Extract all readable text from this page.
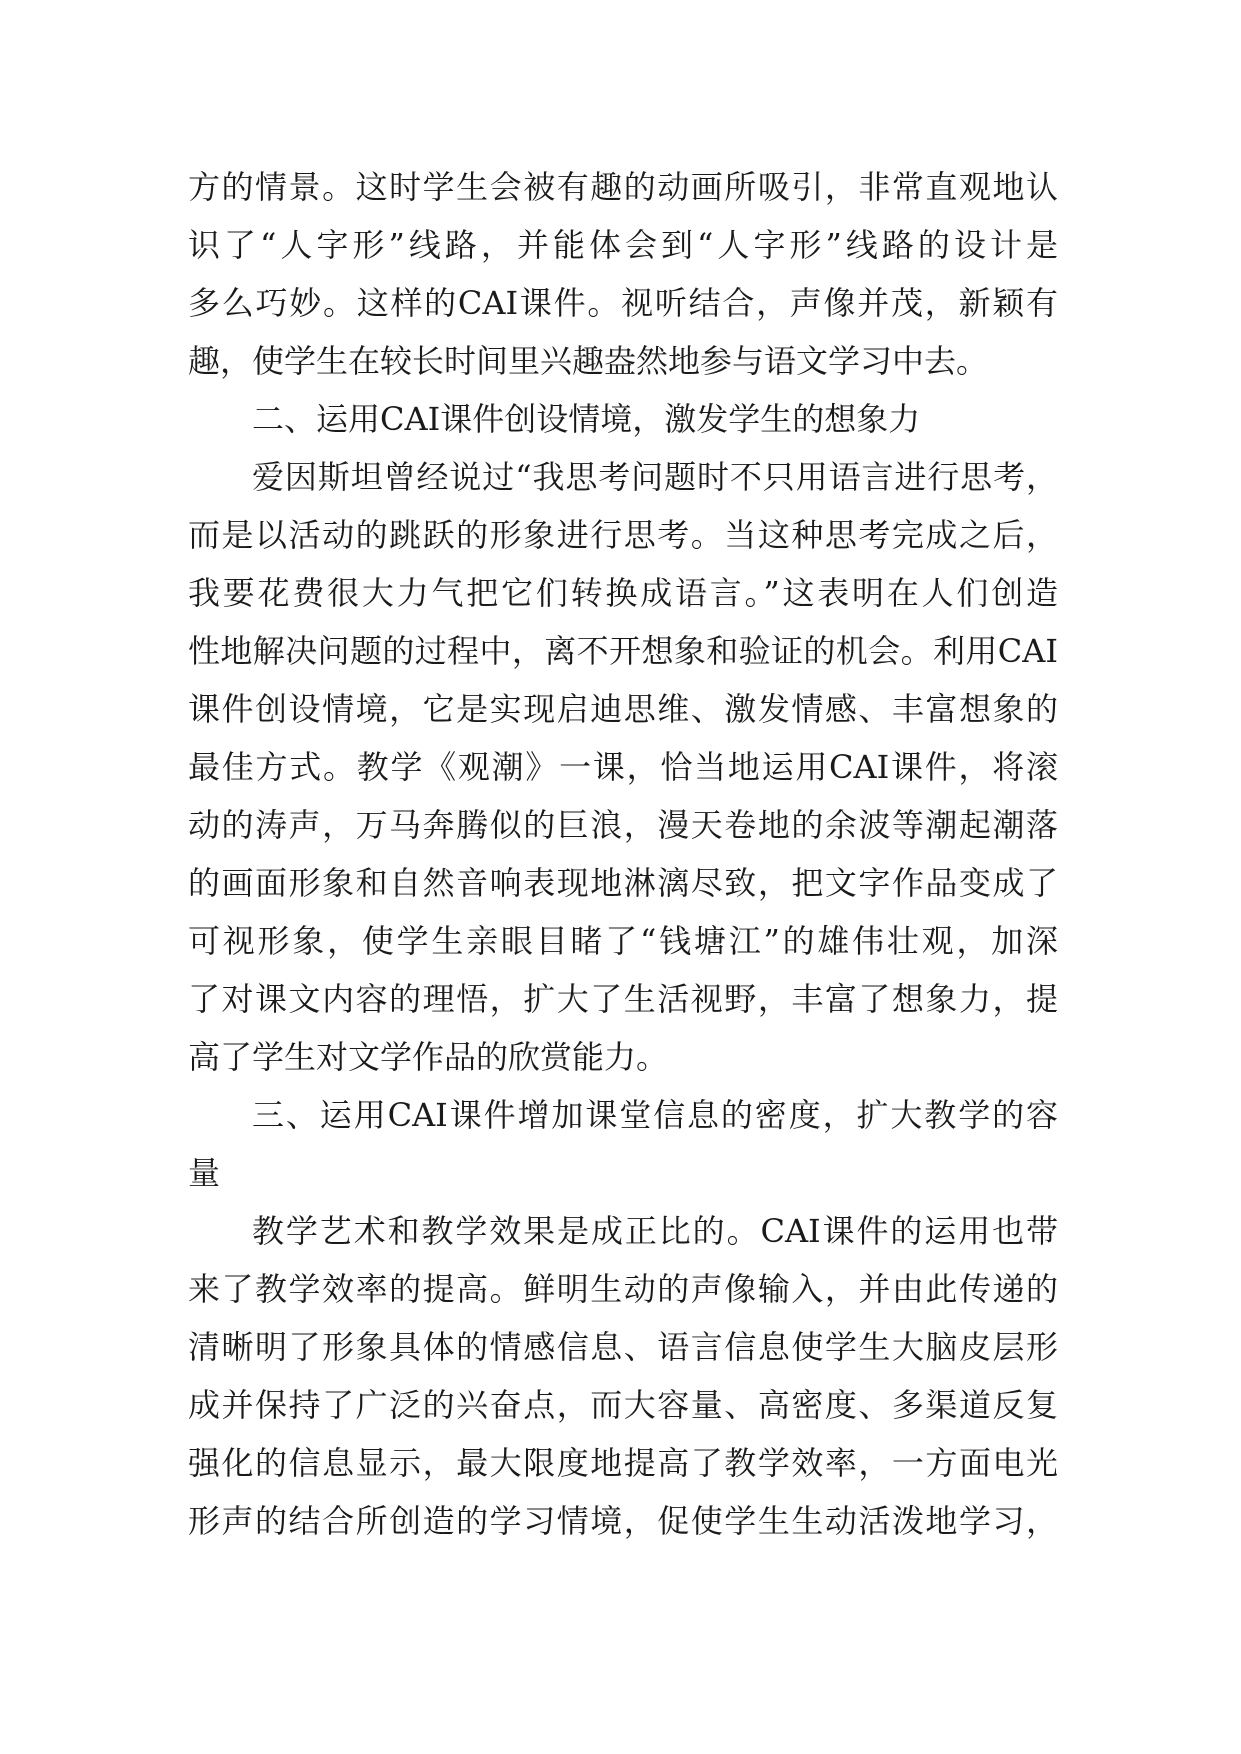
方的情景。这时学生会被有趣的动画所吸引，非常直观地认
识了“人字形”线路，并能体会到“人字形”线路的设计是
多么巧妙。这样的CAI课件。视听结合，声像并茂，新颖有
趣，使学生在较长时间里兴趣盎然地参与语文学习中去。
二、运用CAI课件创设情境，激发学生的想象力
爱因斯坦曾经说过“我思考问题时不只用语言进行思考，
而是以活动的跳跃的形象进行思考。当这种思考完成之后，
我要花费很大力气把它们转换成语言。”这表明在人们创造
性地解决问题的过程中，离不开想象和验证的机会。利用CAI
课件创设情境，它是实现启迪思维、激发情感、丰富想象的
最佳方式。教学《观潮》一课，恰当地运用CAI课件，将滚
动的涛声，万马奔腾似的巨浪，漫天卷地的余波等潮起潮落
的画面形象和自然音响表现地淋漓尽致，把文字作品变成了
可视形象，使学生亲眼目睹了“钱塘江”的雄伟壮观，加深
了对课文内容的理悟，扩大了生活视野，丰富了想象力，提
高了学生对文学作品的欣赏能力。
三、运用CAI课件增加课堂信息的密度，扩大教学的容
量
教学艺术和教学效果是成正比的。CAI课件的运用也带
来了教学效率的提高。鲜明生动的声像输入，并由此传递的
清晰明了形象具体的情感信息、语言信息使学生大脑皮层形
成并保持了广泛的兴奋点，而大容量、高密度、多渠道反复
强化的信息显示，最大限度地提高了教学效率，一方面电光
形声的结合所创造的学习情境，促使学生生动活泼地学习，
